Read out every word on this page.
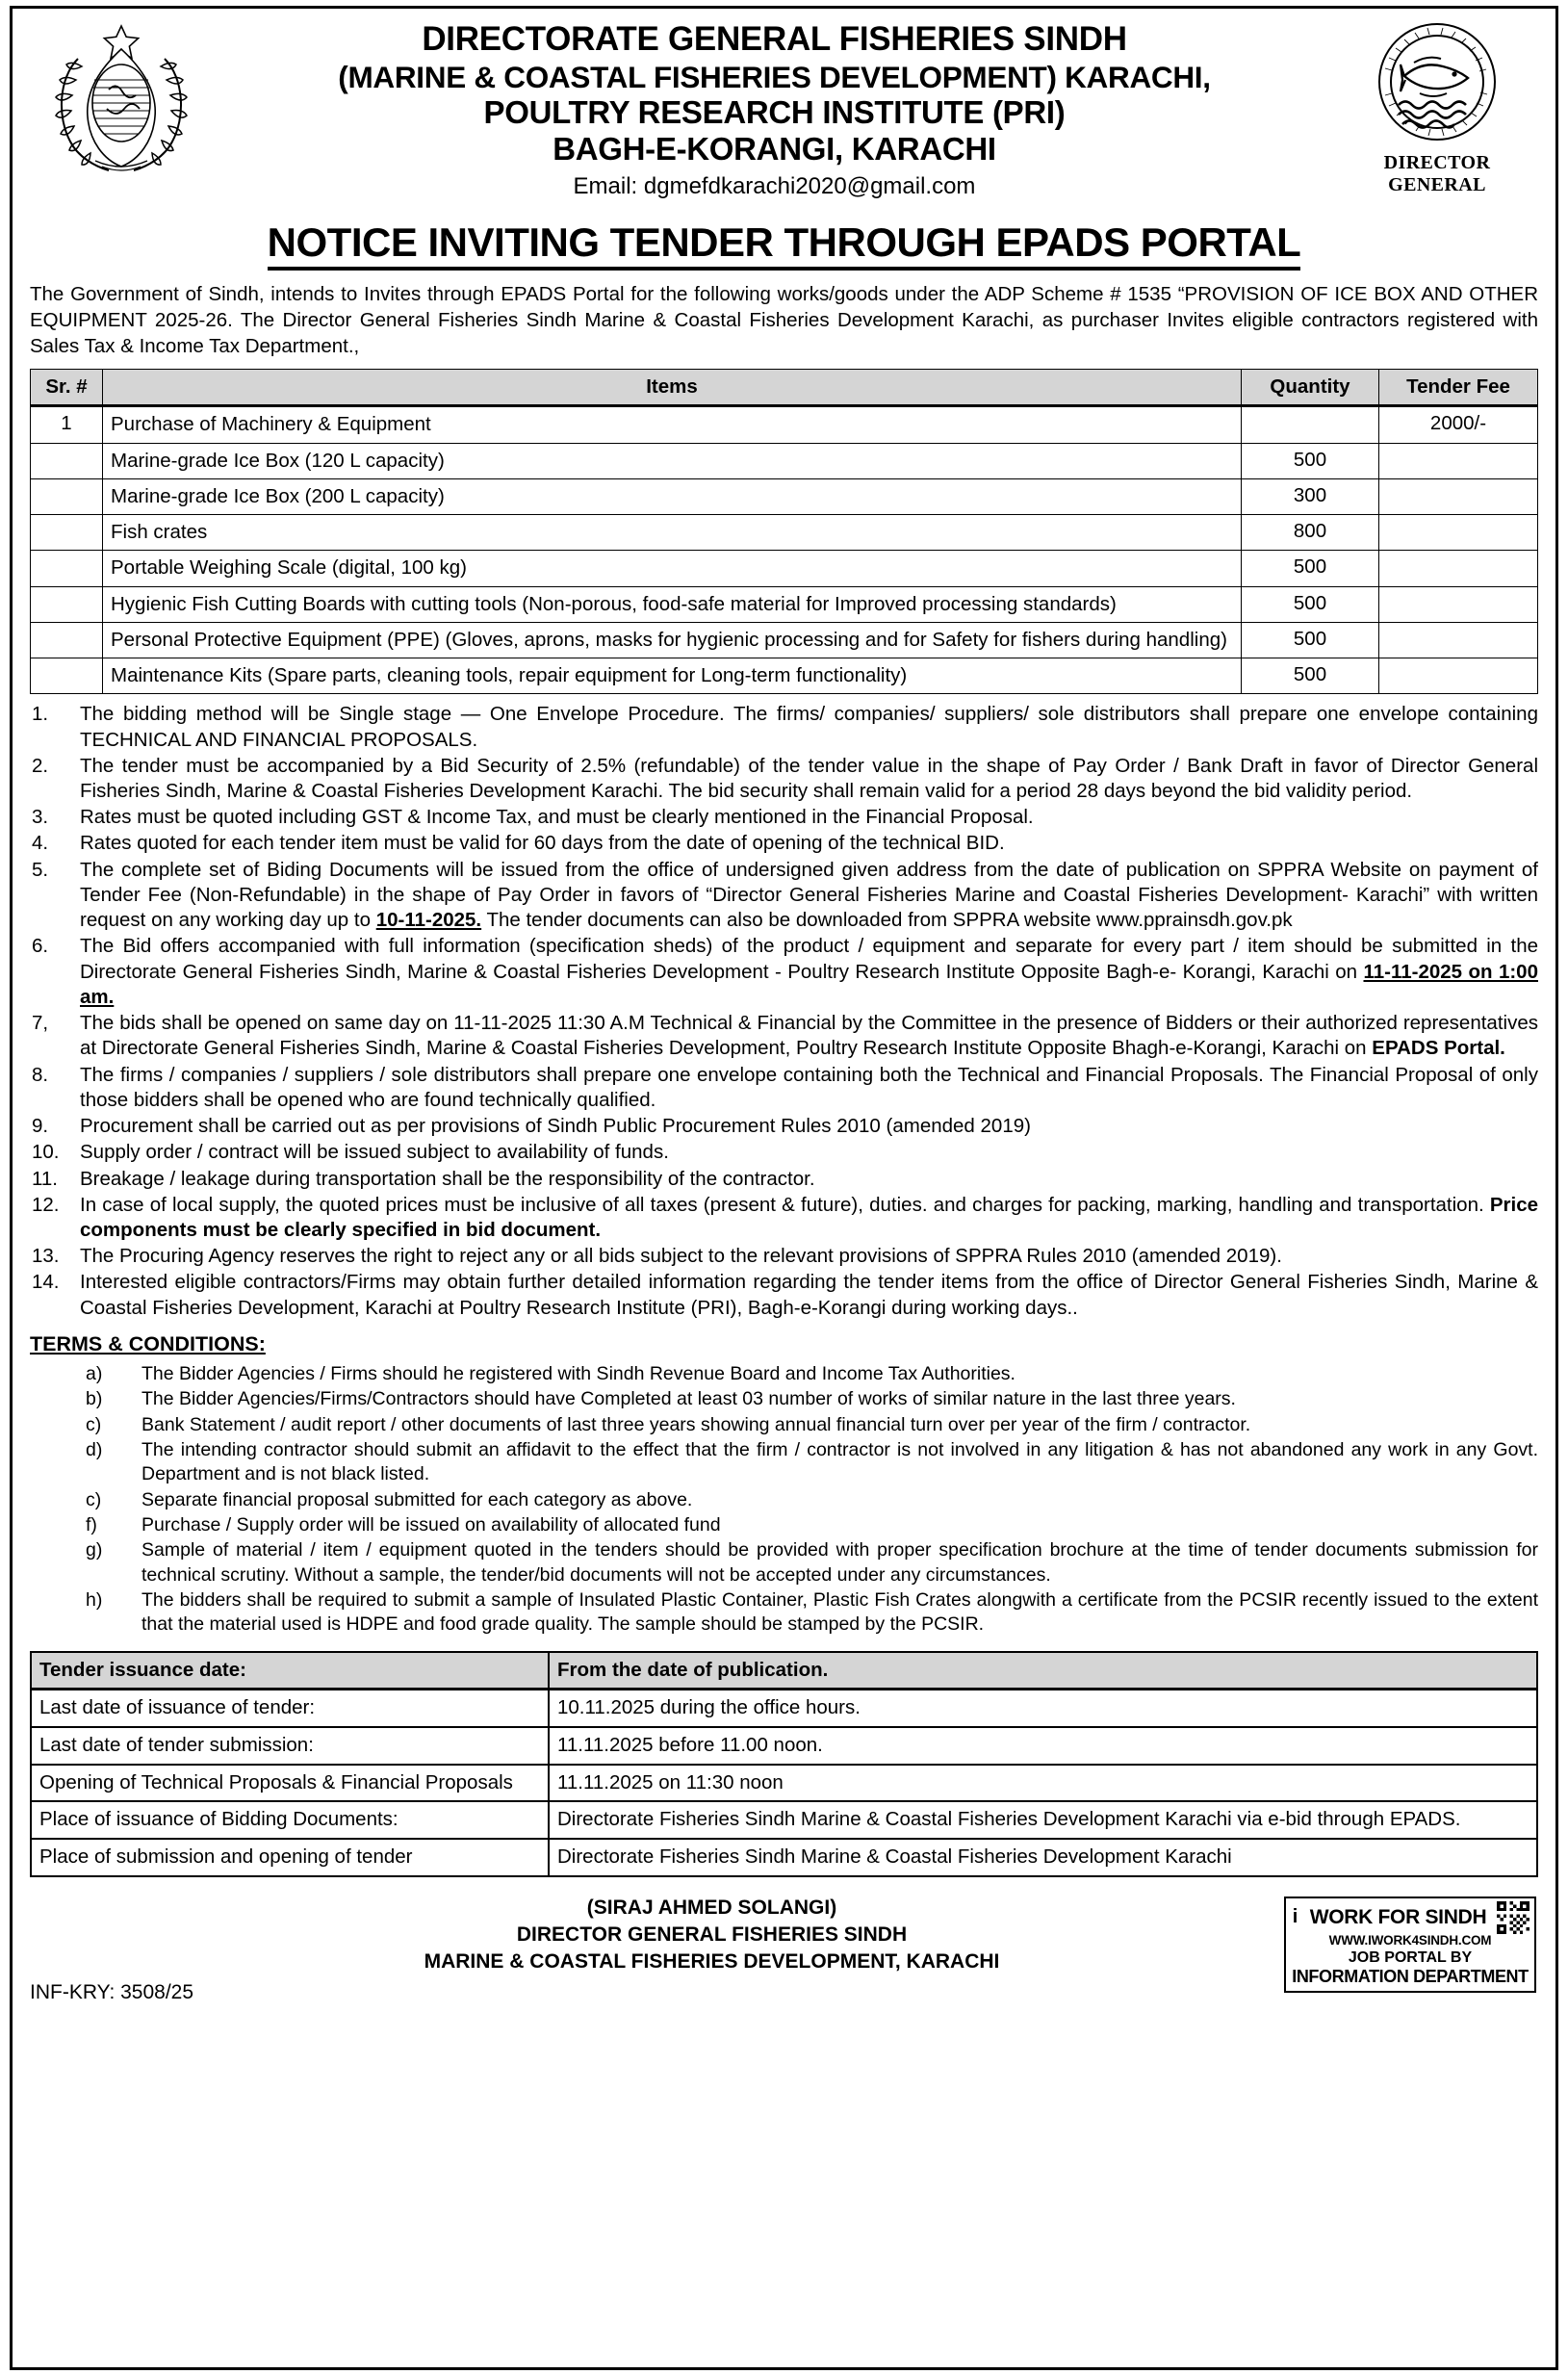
DIRECTORATE GENERAL FISHERIES SINDH
(MARINE & COASTAL FISHERIES DEVELOPMENT) KARACHI,
POULTRY RESEARCH INSTITUTE (PRI)
BAGH-E-KORANGI, KARACHI
Email: dgmefdkarachi2020@gmail.com
DIRECTOR GENERAL
NOTICE INVITING TENDER THROUGH EPADS PORTAL
The Government of Sindh, intends to Invites through EPADS Portal for the following works/goods under the ADP Scheme # 1535 “PROVISION OF ICE BOX AND OTHER EQUIPMENT 2025-26. The Director General Fisheries Sindh Marine & Coastal Fisheries Development Karachi, as purchaser Invites eligible contractors registered with Sales Tax & Income Tax Department.,
Sr. #	Items	Quantity	Tender Fee
1	Purchase of Machinery & Equipment		2000/-
	Marine-grade Ice Box (120 L capacity)	500	
	Marine-grade Ice Box (200 L capacity)	300	
	Fish crates	800	
	Portable Weighing Scale (digital, 100 kg)	500	
	Hygienic Fish Cutting Boards with cutting tools (Non-porous, food-safe material for Improved processing standards)	500	
	Personal Protective Equipment (PPE) (Gloves, aprons, masks for hygienic processing and for Safety for fishers during handling)	500	
	Maintenance Kits (Spare parts, cleaning tools, repair equipment for Long-term functionality)	500	
1.	The bidding method will be Single stage — One Envelope Procedure. The firms/ companies/ suppliers/ sole distributors shall prepare one envelope containing TECHNICAL AND FINANCIAL PROPOSALS.
2.	The tender must be accompanied by a Bid Security of 2.5% (refundable) of the tender value in the shape of Pay Order / Bank Draft in favor of Director General Fisheries Sindh, Marine & Coastal Fisheries Development Karachi. The bid security shall remain valid for a period 28 days beyond the bid validity period.
3.	Rates must be quoted including GST & Income Tax, and must be clearly mentioned in the Financial Proposal.
4.	Rates quoted for each tender item must be valid for 60 days from the date of opening of the technical BID.
5.	The complete set of Biding Documents will be issued from the office of undersigned given address from the date of publication on SPPRA Website on payment of Tender Fee (Non-Refundable) in the shape of Pay Order in favors of “Director General Fisheries Marine and Coastal Fisheries Development- Karachi” with written request on any working day up to 10-11-2025. The tender documents can also be downloaded from SPPRA website www.pprainsdh.gov.pk
6.	The Bid offers accompanied with full information (specification sheds) of the product / equipment and separate for every part / item should be submitted in the Directorate General Fisheries Sindh, Marine & Coastal Fisheries Development - Poultry Research Institute Opposite Bagh-e- Korangi, Karachi on 11-11-2025 on 1:00 am.
7,	The bids shall be opened on same day on 11-11-2025 11:30 A.M Technical & Financial by the Committee in the presence of Bidders or their authorized representatives at Directorate General Fisheries Sindh, Marine & Coastal Fisheries Development, Poultry Research Institute Opposite Bhagh-e-Korangi, Karachi on EPADS Portal.
8.	The firms / companies / suppliers / sole distributors shall prepare one envelope containing both the Technical and Financial Proposals. The Financial Proposal of only those bidders shall be opened who are found technically qualified.
9.	Procurement shall be carried out as per provisions of Sindh Public Procurement Rules 2010 (amended 2019)
10.	Supply order / contract will be issued subject to availability of funds.
11.	Breakage / leakage during transportation shall be the responsibility of the contractor.
12.	In case of local supply, the quoted prices must be inclusive of all taxes (present & future), duties. and charges for packing, marking, handling and transportation. Price components must be clearly specified in bid document.
13.	The Procuring Agency reserves the right to reject any or all bids subject to the relevant provisions of SPPRA Rules 2010 (amended 2019).
14.	Interested eligible contractors/Firms may obtain further detailed information regarding the tender items from the office of Director General Fisheries Sindh, Marine & Coastal Fisheries Development, Karachi at Poultry Research Institute (PRI), Bagh-e-Korangi during working days..
TERMS & CONDITIONS:
a)	The Bidder Agencies / Firms should he registered with Sindh Revenue Board and Income Tax Authorities.
b)	The Bidder Agencies/Firms/Contractors should have Completed at least 03 number of works of similar nature in the last three years.
c)	Bank Statement / audit report / other documents of last three years showing annual financial turn over per year of the firm / contractor.
d)	The intending contractor should submit an affidavit to the effect that the firm / contractor is not involved in any litigation & has not abandoned any work in any Govt. Department and is not black listed.
c)	Separate financial proposal submitted for each category as above.
f)	Purchase / Supply order will be issued on availability of allocated fund
g)	Sample of material / item / equipment quoted in the tenders should be provided with proper specification brochure at the time of tender documents submission for technical scrutiny. Without a sample, the tender/bid documents will not be accepted under any circumstances.
h)	The bidders shall be required to submit a sample of Insulated Plastic Container, Plastic Fish Crates alongwith a certificate from the PCSIR recently issued to the extent that the material used is HDPE and food grade quality. The sample should be stamped by the PCSIR.
Tender issuance date:	From the date of publication.
Last date of issuance of tender:	10.11.2025 during the office hours.
Last date of tender submission:	11.11.2025 before 11.00 noon.
Opening of Technical Proposals & Financial Proposals	11.11.2025 on 11:30 noon
Place of issuance of Bidding Documents:	Directorate Fisheries Sindh Marine & Coastal Fisheries Development Karachi via e-bid through EPADS.
Place of submission and opening of tender	Directorate Fisheries Sindh Marine & Coastal Fisheries Development Karachi
(SIRAJ AHMED SOLANGI)
DIRECTOR GENERAL FISHERIES SINDH
MARINE & COASTAL FISHERIES DEVELOPMENT, KARACHI
INF-KRY: 3508/25
i WORK FOR SINDH
WWW.IWORK4SINDH.COM
JOB PORTAL BY
INFORMATION DEPARTMENT
